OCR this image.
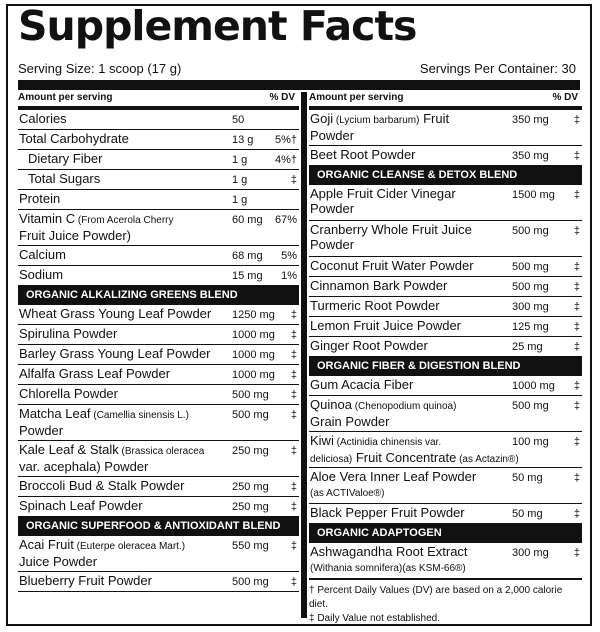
Supplement Facts
Serving Size: 1 scoop (17 g)	Servings Per Container: 30
Amount per serving	% DV
Calories	50
Total Carbohydrate	13 g 5%†
Dietary Fiber	1 g	4%†
Total Sugars	1 g	‡
Protein	1 g
Vitamin C (From Acerola Cherry
Fruit Juice Powder)
60 mg 67%
Calcium	68 mg 5%
Sodium	15 mg 1%
ORGANIC ALKALIZING GREENS BLEND
Wheat Grass Young Leaf Powder 1250 mg ‡
Spirulina Powder	1000 mg ‡
Barley Grass Young Leaf Powder 1000 mg ‡
Alfalfa Grass Leaf Powder	1000 mg ‡
Chlorella Powder	500 mg ‡
Matcha Leaf (Camellia sinensis L.)
Powder
500 mg ‡
Kale Leaf & Stalk (Brassica oleracea
var. acephala) Powder
250 mg ‡
Broccoli Bud & Stalk Powder	250 mg ‡
Spinach Leaf Powder	250 mg ‡
ORGANIC SUPERFOOD & ANTIOXIDANT BLEND
Acai Fruit (Euterpe oleracea Mart.)
Juice Powder
550 mg ‡
Blueberry Fruit Powder	500 mg ‡
Amount per serving	% DV
Goji (Lycium barbarum) Fruit
Powder
350 mg ‡
Beet Root Powder	350 mg ‡
ORGANIC CLEANSE & DETOX BLEND
Apple Fruit Cider Vinegar
Powder
1500 mg ‡
Cranberry Whole Fruit Juice
Powder
500 mg ‡
Coconut Fruit Water Powder	500 mg ‡
Cinnamon Bark Powder	500 mg ‡
Turmeric Root Powder	300 mg ‡
Lemon Fruit Juice Powder	125 mg ‡
Ginger Root Powder	25 mg	‡
ORGANIC FIBER & DIGESTION BLEND
Gum Acacia Fiber	1000 mg ‡
Quinoa (Chenopodium quinoa)
Grain Powder
500 mg ‡
Kiwi (Actinidia chinensis var.
deliciosa) Fruit Concentrate (as Actazin®)
100 mg ‡
Aloe Vera Inner Leaf Powder
(as ACTIValoe®)
50 mg	‡
Black Pepper Fruit Powder	50 mg	‡
ORGANIC ADAPTOGEN
Ashwagandha Root Extract
(Withania somnifera)(as KSM-66®)
300 mg ‡
† Percent Daily Values (DV) are based on a 2,000 calorie diet.
‡ Daily Value not established.
